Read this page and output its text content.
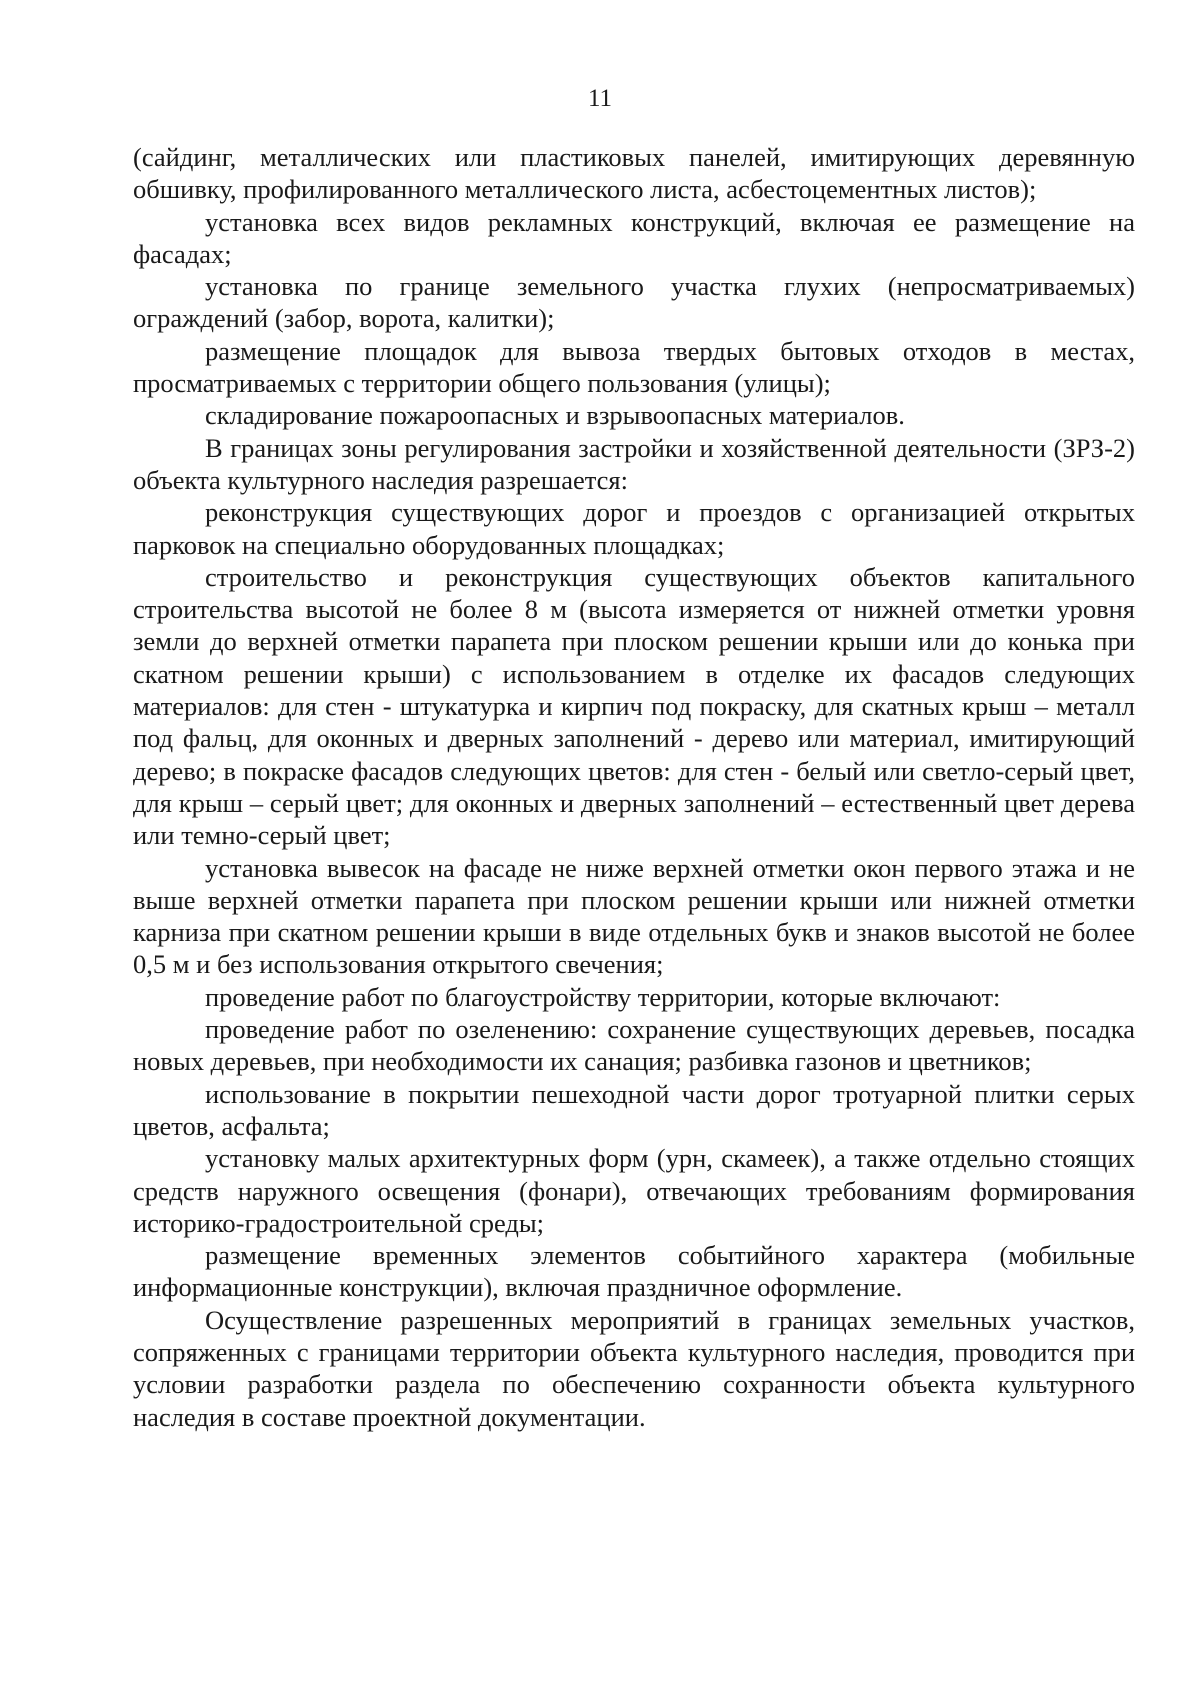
11

(сайдинг, металлических или пластиковых панелей, имитирующих деревянную обшивку, профилированного металлического листа, асбестоцементных листов);

установка всех видов рекламных конструкций, включая ее размещение на фасадах;

установка по границе земельного участка глухих (непросматриваемых) ограждений (забор, ворота, калитки);

размещение площадок для вывоза твердых бытовых отходов в местах, просматриваемых с территории общего пользования (улицы);

складирование пожароопасных и взрывоопасных материалов.

В границах зоны регулирования застройки и хозяйственной деятельности (ЗРЗ-2) объекта культурного наследия разрешается:

реконструкция существующих дорог и проездов с организацией открытых парковок на специально оборудованных площадках;

строительство и реконструкция существующих объектов капитального строительства высотой не более 8 м (высота измеряется от нижней отметки уровня земли до верхней отметки парапета при плоском решении крыши или до конька при скатном решении крыши) с использованием в отделке их фасадов следующих материалов: для стен - штукатурка и кирпич под покраску, для скатных крыш – металл под фальц, для оконных и дверных заполнений - дерево или материал, имитирующий дерево; в покраске фасадов следующих цветов: для стен - белый или светло-серый цвет, для крыш – серый цвет; для оконных и дверных заполнений – естественный цвет дерева или темно-серый цвет;

установка вывесок на фасаде не ниже верхней отметки окон первого этажа и не выше верхней отметки парапета при плоском решении крыши или нижней отметки карниза при скатном решении крыши в виде отдельных букв и знаков высотой не более 0,5 м и без использования открытого свечения;

проведение работ по благоустройству территории, которые включают:

проведение работ по озеленению: сохранение существующих деревьев, посадка новых деревьев, при необходимости их санация; разбивка газонов и цветников;

использование в покрытии пешеходной части дорог тротуарной плитки серых цветов, асфальта;

установку малых архитектурных форм (урн, скамеек), а также отдельно стоящих средств наружного освещения (фонари), отвечающих требованиям формирования историко-градостроительной среды;

размещение временных элементов событийного характера (мобильные информационные конструкции), включая праздничное оформление.

Осуществление разрешенных мероприятий в границах земельных участков, сопряженных с границами территории объекта культурного наследия, проводится при условии разработки раздела по обеспечению сохранности объекта культурного наследия в составе проектной документации.
